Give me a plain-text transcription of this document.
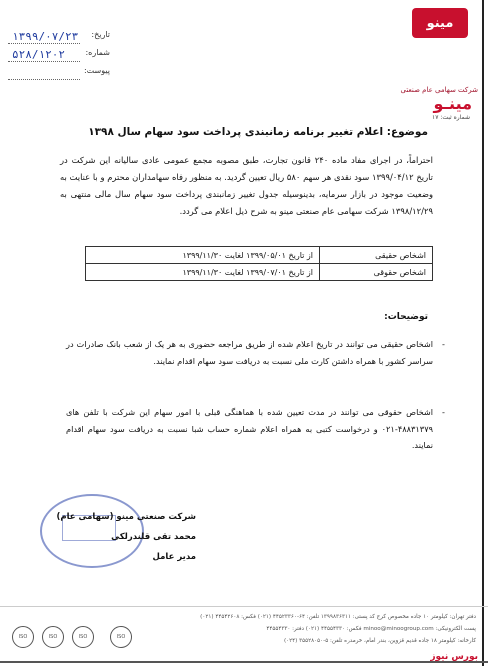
مینو
شرکت سهامی عام صنعتی
مینـو
شماره ثبت: ۱۷
تاریخ:
۱۳۹۹/۰۷/۲۳
شماره:
۵۲۸/۱۲۰۲
پیوست:
موضوع: اعلام تغییر برنامه زمانبندی پرداخت سود سهام سال ۱۳۹۸
احتراماً، در اجرای مفاد ماده ۲۴۰ قانون تجارت، طبق مصوبه مجمع عمومی عادی سالیانه این شرکت در تاریخ ۱۳۹۹/۰۴/۱۲ سود نقدی هر سهم ۵۸۰ ریال تعیین گردید. به منظور رفاه سهامداران محترم و با عنایت به وضعیت موجود در بازار سرمایه، بدینوسیله جدول تغییر زمانبندی پرداخت سود سهام سال مالی منتهی به ۱۳۹۸/۱۲/۲۹ شرکت سهامی عام صنعتی مینو به شرح ذیل اعلام می گردد.
اشخاص حقیقی	از تاریخ ۱۳۹۹/۰۵/۰۱ لغایت ۱۳۹۹/۱۱/۳۰
اشخاص حقوقی	از تاریخ ۱۳۹۹/۰۷/۰۱ لغایت ۱۳۹۹/۱۱/۳۰
توضیحات:
-
اشخاص حقیقی می توانند در تاریخ اعلام شده از طریق مراجعه حضوری به هر یک از شعب بانک صادرات در سراسر کشور با همراه داشتن کارت ملی نسبت به دریافت سود سهام اقدام نمایند.
-
اشخاص حقوقی می توانند در مدت تعیین شده با هماهنگی قبلی با امور سهام این شرکت با تلفن های ۴۸۸۳۱۳۷۹-۰۲۱ و درخواست کتبی به همراه اعلام شماره حساب شبا نسبت به دریافت سود سهام اقدام نمایند.
شرکت صنعتی مینو (سهامی عام)
محمد تقی قلندرلکی
مدیر عامل
دفتر تهران: کیلومتر ۱۰ جاده مخصوص کرج کد پستی: ۱۳۹۹۸۳۶۳۱۱ تلفن: ۶۴-۴۴۵۲۳۳۶۰ (۰۲۱) فکس: ۴۴۵۴۲۶۰۸ (۰۲۱)
پست الکترونیکی: minoo@minoogroup.com فکس: ۴۴۵۵۴۳۳۰ (۰۲۱) دفتر: ۴۴۵۵۴۳۳۰
کارخانه: کیلومتر ۱۸ جاده قدیم قزوین، بندر امام، خرمدره تلفن: ۵-۳۵۵۲۸۰۵۰ (۰۲۴)
ISO	ISO	ISO	ISO
بورس نیوز
